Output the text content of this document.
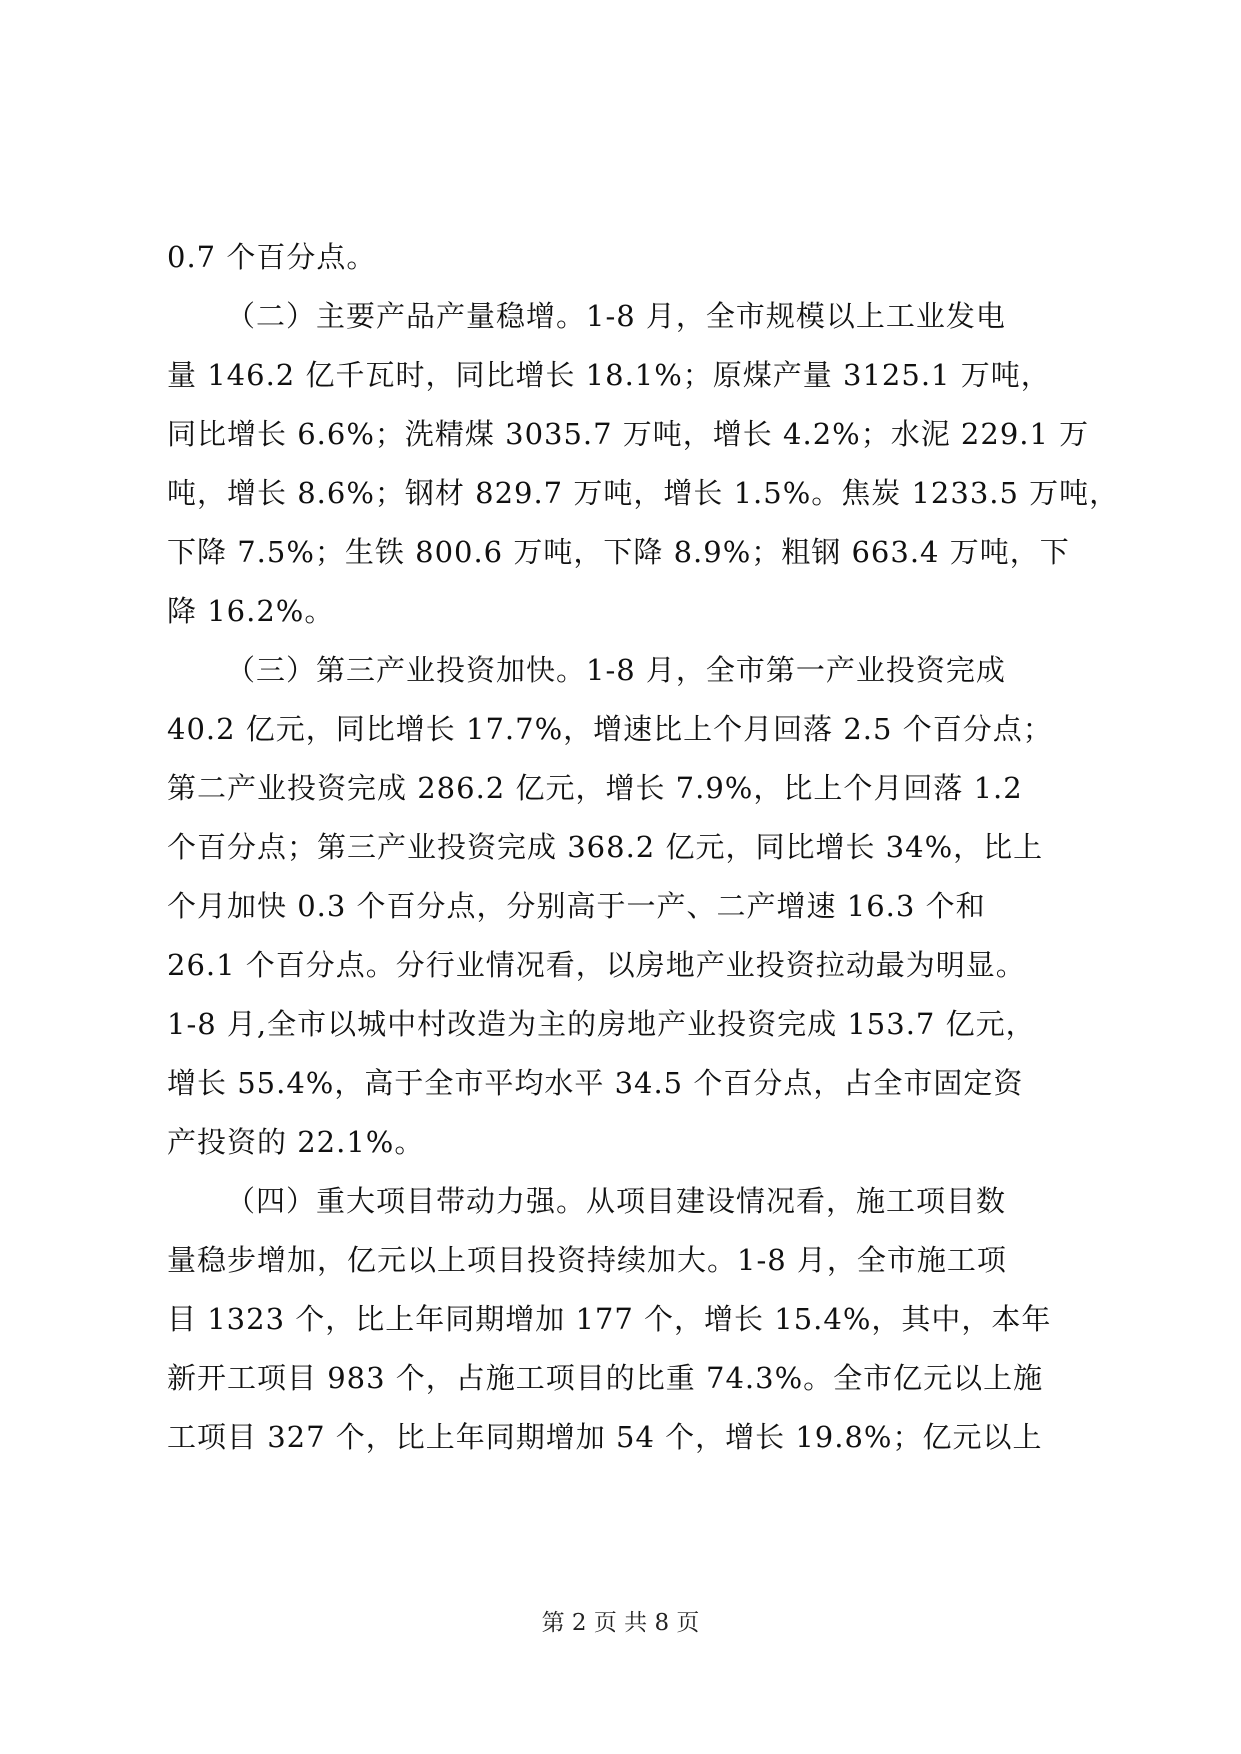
0.7 个百分点。
（二）主要产品产量稳增。1-8 月，全市规模以上工业发电
量 146.2 亿千瓦时，同比增长 18.1%；原煤产量 3125.1 万吨，
同比增长 6.6%；洗精煤 3035.7 万吨，增长 4.2%；水泥 229.1 万
吨，增长 8.6%；钢材 829.7 万吨，增长 1.5%。焦炭 1233.5 万吨，
下降 7.5%；生铁 800.6 万吨，下降 8.9%；粗钢 663.4 万吨，下
降 16.2%。
（三）第三产业投资加快。1-8 月，全市第一产业投资完成
40.2 亿元，同比增长 17.7%，增速比上个月回落 2.5 个百分点；
第二产业投资完成 286.2 亿元，增长 7.9%，比上个月回落 1.2
个百分点；第三产业投资完成 368.2 亿元，同比增长 34%，比上
个月加快 0.3 个百分点，分别高于一产、二产增速 16.3 个和
26.1 个百分点。分行业情况看，以房地产业投资拉动最为明显。
1-8 月,全市以城中村改造为主的房地产业投资完成 153.7 亿元，
增长 55.4%，高于全市平均水平 34.5 个百分点，占全市固定资
产投资的 22.1%。
（四）重大项目带动力强。从项目建设情况看，施工项目数
量稳步增加，亿元以上项目投资持续加大。1-8 月，全市施工项
目 1323 个，比上年同期增加 177 个，增长 15.4%，其中，本年
新开工项目 983 个，占施工项目的比重 74.3%。全市亿元以上施
工项目 327 个，比上年同期增加 54 个，增长 19.8%；亿元以上
第 2 页 共 8 页
